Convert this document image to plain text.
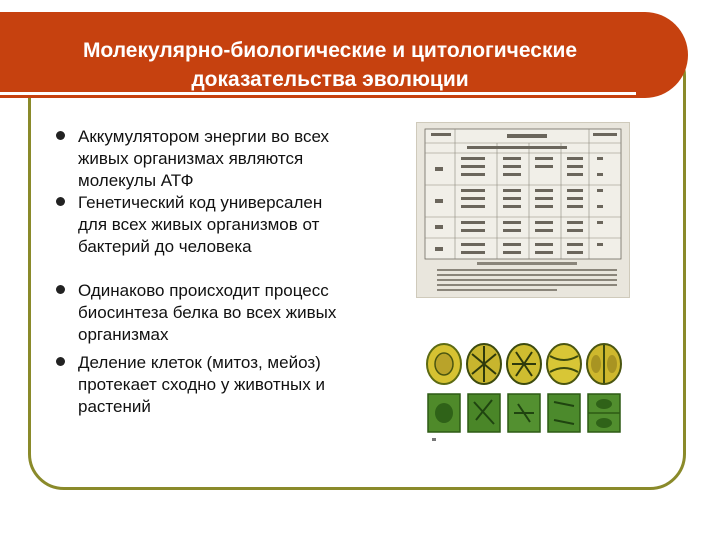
Молекулярно-биологические и цитологические
доказательства эволюции
Аккумулятором энергии во всех живых организмах являются молекулы АТФ
Генетический код универсален для всех живых организмов от бактерий до человека
Одинаково происходит процесс биосинтеза белка во всех живых организмах
Деление клеток (митоз, мейоз) протекает сходно у животных и растений
